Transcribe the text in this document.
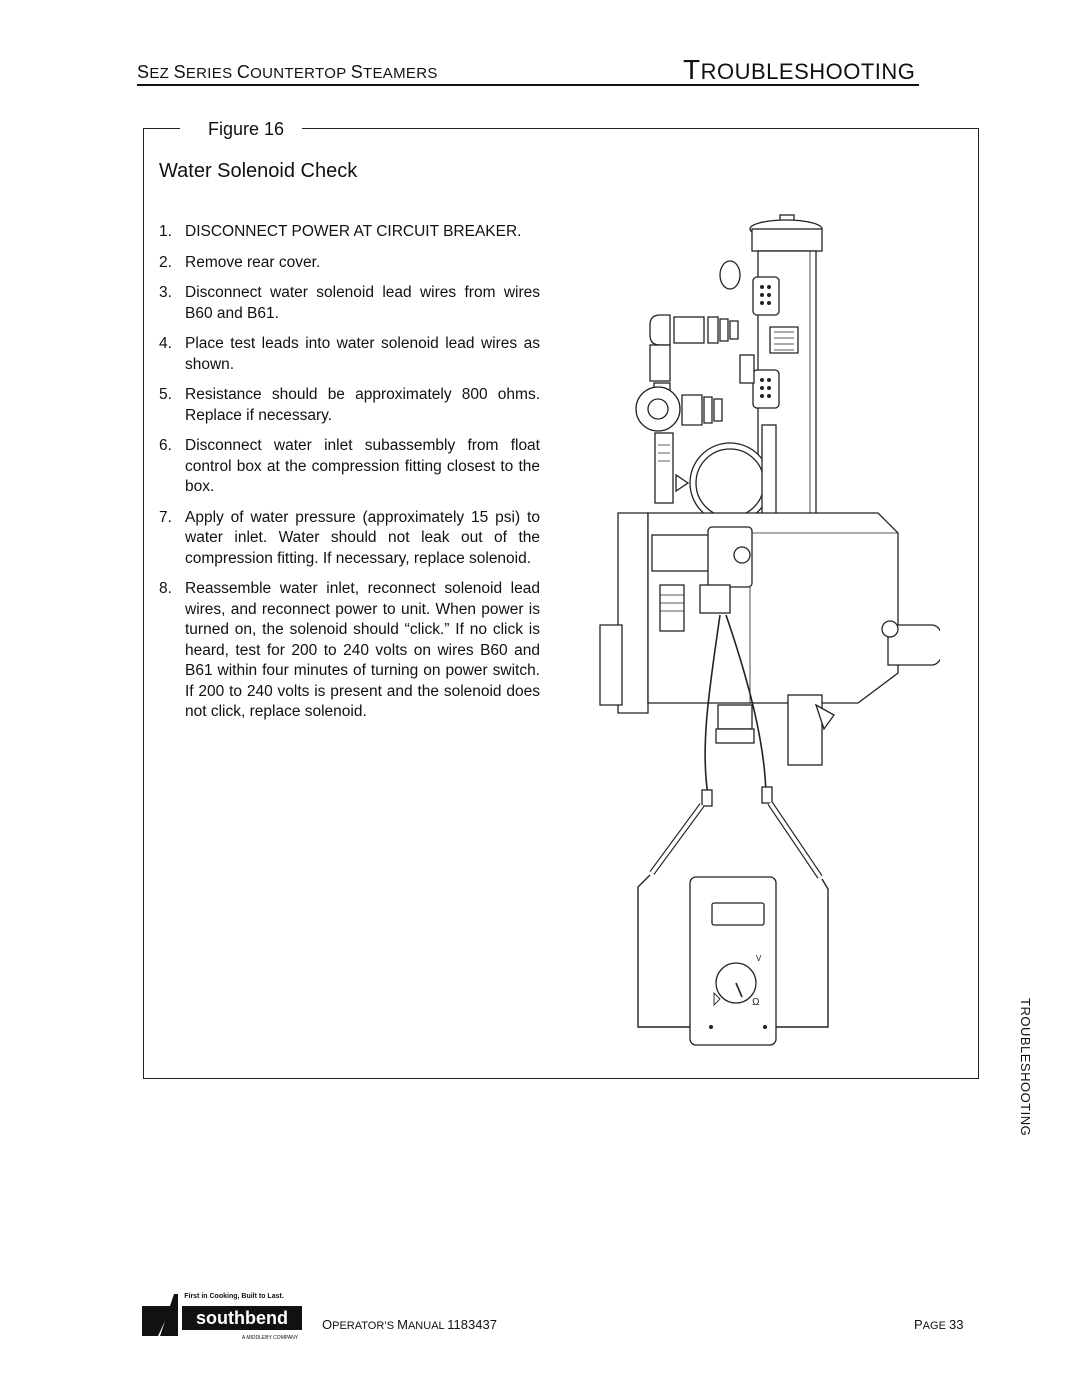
SEZ SERIES COUNTERTOP STEAMERS	TROUBLESHOOTING
Figure 16
Water Solenoid Check
1. DISCONNECT POWER AT CIRCUIT BREAKER.
2. Remove rear cover.
3. Disconnect water solenoid lead wires from wires B60 and B61.
4. Place test leads into water solenoid lead wires as shown.
5. Resistance should be approximately 800 ohms. Replace if necessary.
6. Disconnect water inlet subassembly from float control box at the compression fitting closest to the box.
7. Apply of water pressure (approximately 15 psi) to water inlet. Water should not leak out of the compression fitting. If necessary, replace solenoid.
8. Reassemble water inlet, reconnect solenoid lead wires, and reconnect power to unit. When power is turned on, the solenoid should “click.” If no click is heard, test for 200 to 240 volts on wires B60 and B61 within four minutes of turning on power switch. If 200 to 240 volts is present and the solenoid does not click, replace solenoid.
V
Ω	TROUBLESHOOTING
First in Cooking, Built to Last.
southbend
A MIDDLEBY COMPANY
OPERATOR’S MANUAL 1183437	PAGE 33
